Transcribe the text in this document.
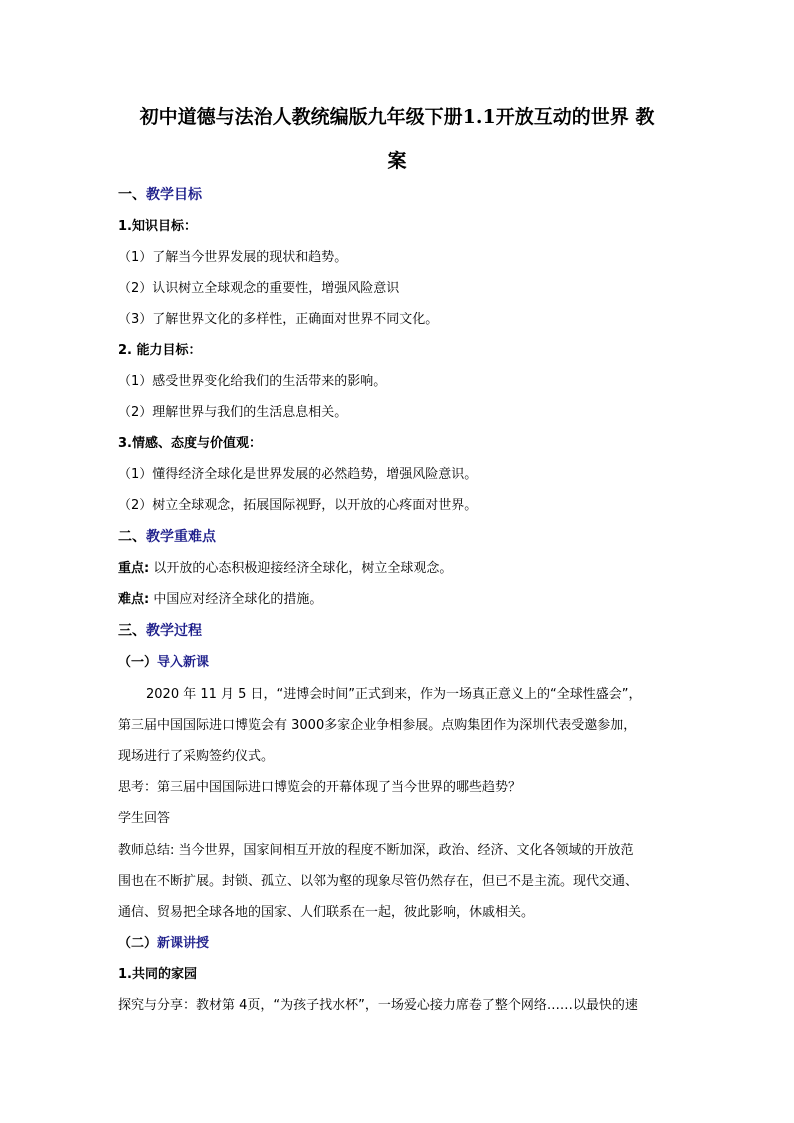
初中道德与法治人教统编版九年级下册1.1开放互动的世界 教
案
一、教学目标
1.知识目标：
（1）了解当今世界发展的现状和趋势。
（2）认识树立全球观念的重要性，增强风险意识
（3）了解世界文化的多样性，正确面对世界不同文化。
2. 能力目标：
（1）感受世界变化给我们的生活带来的影响。
（2）理解世界与我们的生活息息相关。
3.情感、态度与价值观：
（1）懂得经济全球化是世界发展的必然趋势，增强风险意识。
（2）树立全球观念，拓展国际视野，以开放的心疼面对世界。
二、教学重难点
重点: 以开放的心态积极迎接经济全球化，树立全球观念。
难点: 中国应对经济全球化的措施。
三、教学过程
（一）导入新课
2020 年 11 月 5 日，“进博会时间”正式到来，作为一场真正意义上的“全球性盛会”，
第三届中国国际进口博览会有 3000多家企业争相参展。点购集团作为深圳代表受邀参加，
现场进行了采购签约仪式。
思考：第三届中国国际进口博览会的开幕体现了当今世界的哪些趋势？
学生回答
教师总结: 当今世界，国家间相互开放的程度不断加深，政治、经济、文化各领域的开放范
围也在不断扩展。封锁、孤立、以邻为壑的现象尽管仍然存在，但已不是主流。现代交通、
通信、贸易把全球各地的国家、人们联系在一起，彼此影响，休戚相关。
（二）新课讲授
1.共同的家园
探究与分享：教材第 4页，“为孩子找水杯”，一场爱心接力席卷了整个网络……以最快的速
